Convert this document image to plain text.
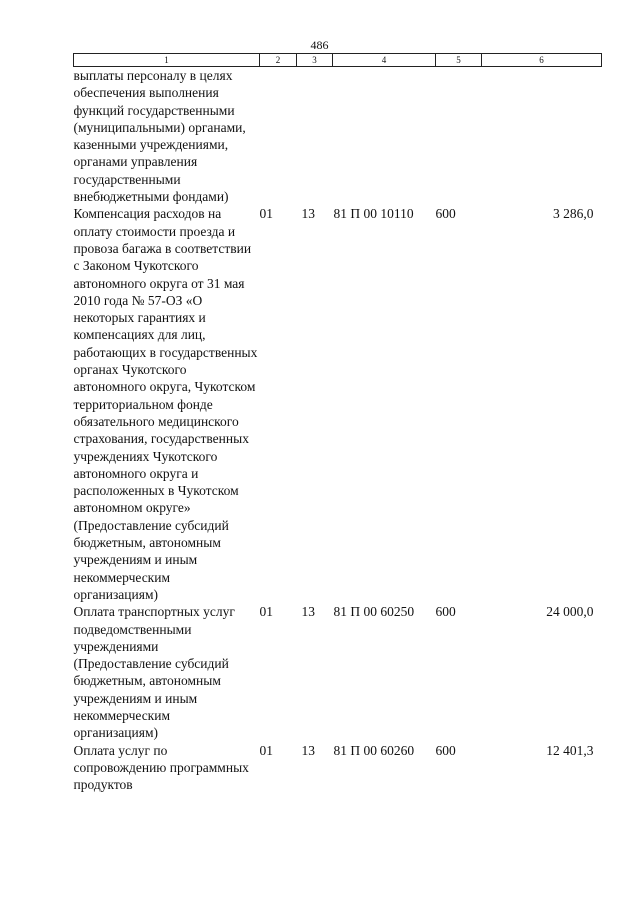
486
1	2	3	4	5	6
выплаты персоналу в целях обеспечения выполнения функций государственными (муниципальными) органами, казенными учреждениями, органами управления государственными внебюджетными фондами)					
Компенсация расходов на оплату стоимости проезда и провоза багажа в соответствии с Законом Чукотского автономного округа от 31 мая 2010 года № 57-ОЗ «О некоторых гарантиях и компенсациях для лиц, работающих в государственных органах Чукотского автономного округа, Чукотском территориальном фонде обязательного медицинского страхования, государственных учреждениях Чукотского автономного округа и расположенных в Чукотском автономном округе» (Предоставление субсидий бюджетным, автономным учреждениям и иным некоммерческим организациям)	01	13	81 П 00 10110	600	3 286,0
Оплата транспортных услуг подведомственными учреждениями (Предоставление субсидий бюджетным, автономным учреждениям и иным некоммерческим организациям)	01	13	81 П 00 60250	600	24 000,0
Оплата услуг по сопровождению программных продуктов	01	13	81 П 00 60260	600	12 401,3
